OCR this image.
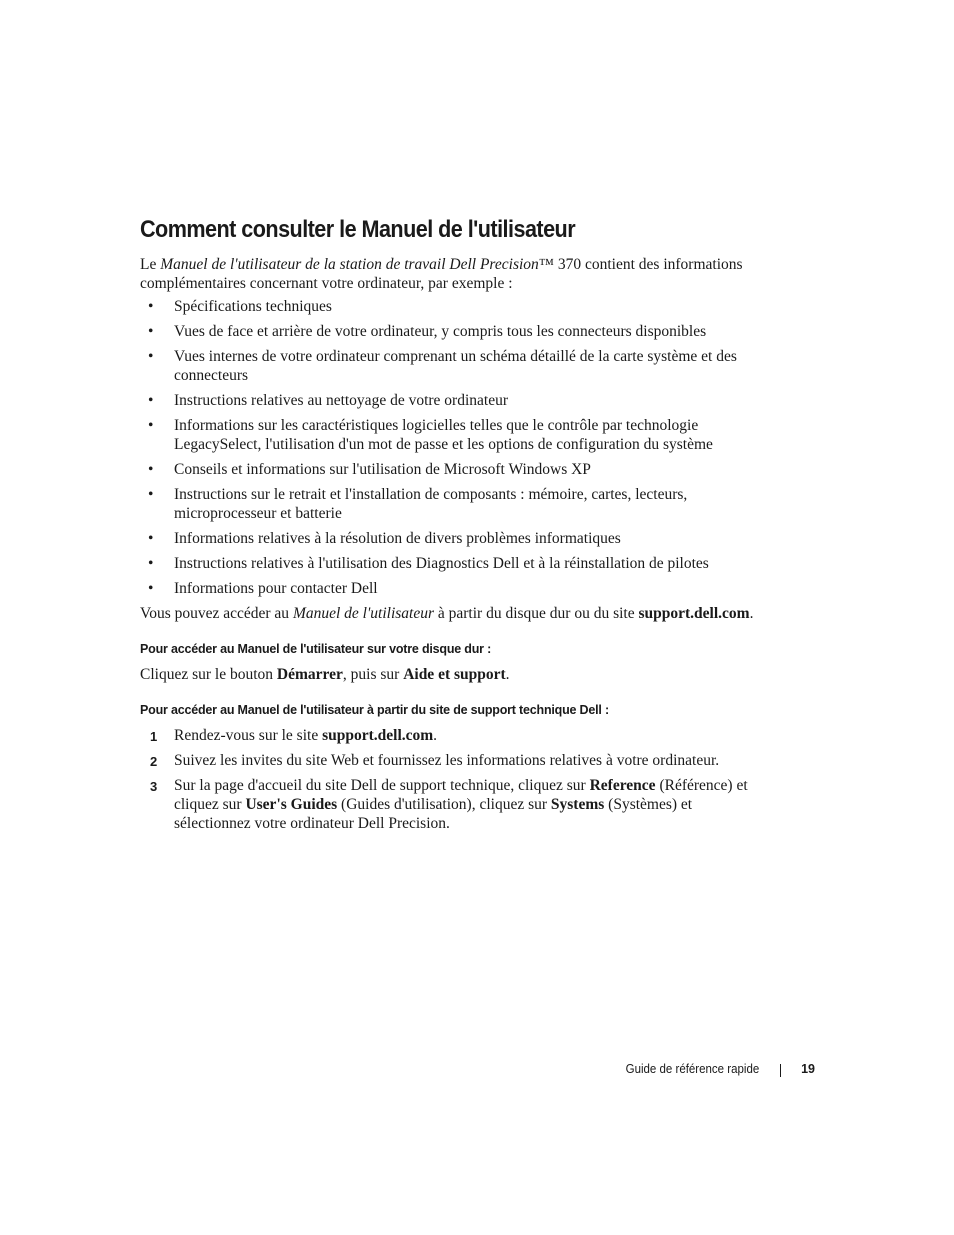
Comment consulter le Manuel de l'utilisateur

Le Manuel de l'utilisateur de la station de travail Dell Precision™ 370 contient des informations complémentaires concernant votre ordinateur, par exemple :

• Spécifications techniques
• Vues de face et arrière de votre ordinateur, y compris tous les connecteurs disponibles
• Vues internes de votre ordinateur comprenant un schéma détaillé de la carte système et des connecteurs
• Instructions relatives au nettoyage de votre ordinateur
• Informations sur les caractéristiques logicielles telles que le contrôle par technologie LegacySelect, l'utilisation d'un mot de passe et les options de configuration du système
• Conseils et informations sur l'utilisation de Microsoft Windows XP
• Instructions sur le retrait et l'installation de composants : mémoire, cartes, lecteurs, microprocesseur et batterie
• Informations relatives à la résolution de divers problèmes informatiques
• Instructions relatives à l'utilisation des Diagnostics Dell et à la réinstallation de pilotes
• Informations pour contacter Dell

Vous pouvez accéder au Manuel de l'utilisateur à partir du disque dur ou du site support.dell.com.

Pour accéder au Manuel de l'utilisateur sur votre disque dur :

Cliquez sur le bouton Démarrer, puis sur Aide et support.

Pour accéder au Manuel de l'utilisateur à partir du site de support technique Dell :

1 Rendez-vous sur le site support.dell.com.
2 Suivez les invites du site Web et fournissez les informations relatives à votre ordinateur.
3 Sur la page d'accueil du site Dell de support technique, cliquez sur Reference (Référence) et cliquez sur User's Guides (Guides d'utilisation), cliquez sur Systems (Systèmes) et sélectionnez votre ordinateur Dell Precision.
Guide de référence rapide	19
